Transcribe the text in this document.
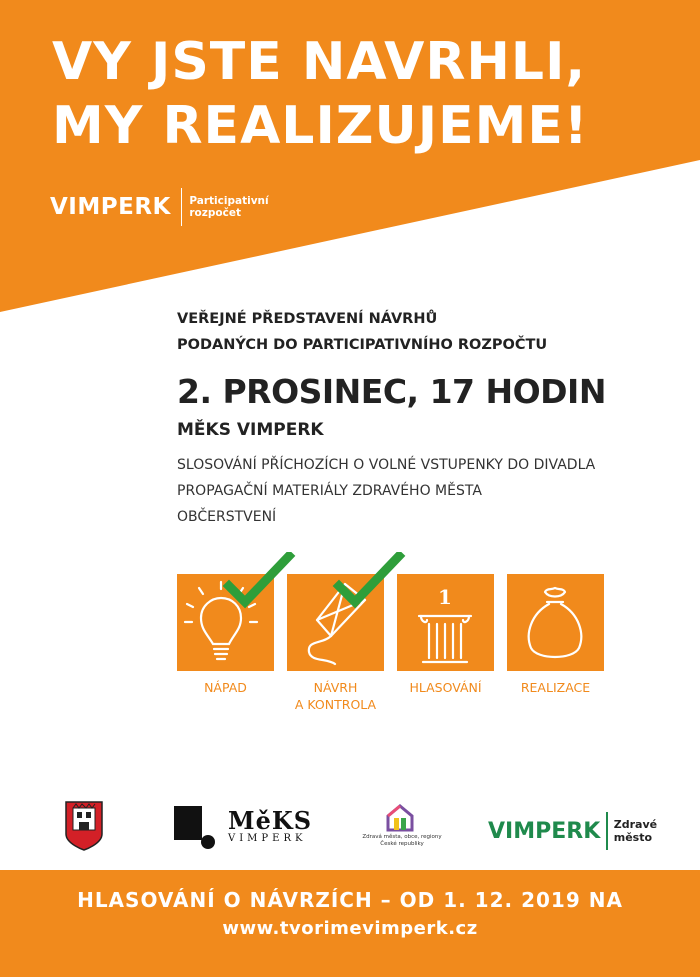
VY JSTE NAVRHLI,
MY REALIZUJEME!
VIMPERK Participativní
rozpočet
VEŘEJNÉ PŘEDSTAVENÍ NÁVRHŮ
PODANÝCH DO PARTICIPATIVNÍHO ROZPOČTU
2. PROSINEC, 17 HODIN
MĚKS VIMPERK
SLOSOVÁNÍ PŘÍCHOZÍCH O VOLNÉ VSTUPENKY DO DIVADLA
PROPAGAČNÍ MATERIÁLY ZDRAVÉHO MĚSTA
OBČERSTVENÍ
NÁPAD	NÁVRH
A KONTROLA
1
HLASOVÁNÍ	REALIZACE
MěKS
VIMPERK	Zdravá města, obce, regiony
České republiky
VIMPERK Zdravé
město
HLASOVÁNÍ O NÁVRZÍCH – OD 1. 12. 2019 NA
www.tvorimevimperk.cz
